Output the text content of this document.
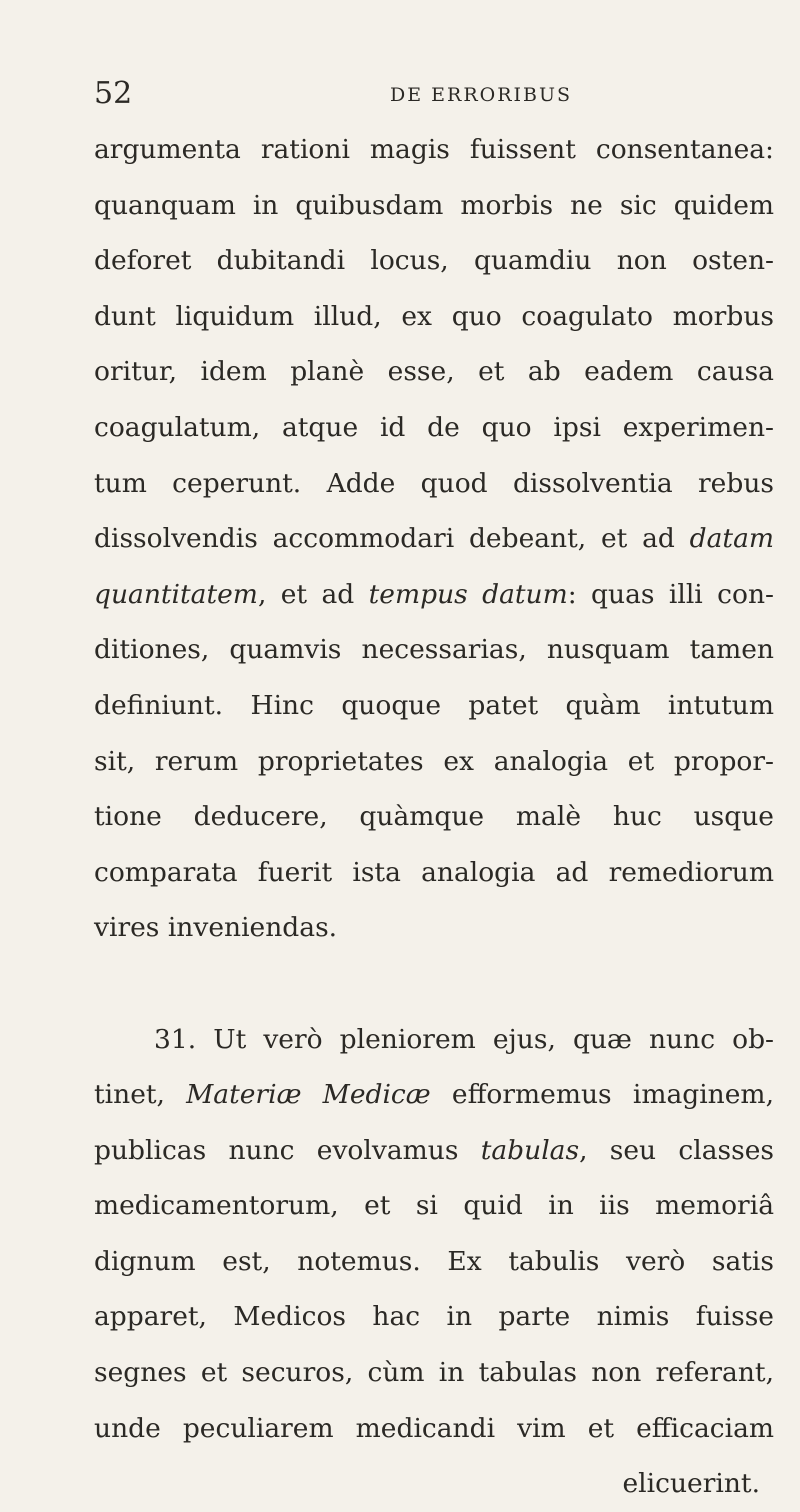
52	DE ERRORIBUS
argumenta rationi magis fuissent consentanea:
quanquam in quibusdam morbis ne sic quidem
deforet dubitandi locus, quamdiu non osten-
dunt liquidum illud, ex quo coagulato morbus
oritur, idem planè esse, et ab eadem causa
coagulatum, atque id de quo ipsi experimen-
tum ceperunt. Adde quod dissolventia rebus
dissolvendis accommodari debeant, et ad datam
quantitatem, et ad tempus datum: quas illi con-
ditiones, quamvis necessarias, nusquam tamen
definiunt. Hinc quoque patet quàm intutum
sit, rerum proprietates ex analogia et propor-
tione deducere, quàmque malè huc usque
comparata fuerit ista analogia ad remediorum
vires inveniendas.
31. Ut verò pleniorem ejus, quæ nunc ob-
tinet, Materiæ Medicæ efformemus imaginem,
publicas nunc evolvamus tabulas, seu classes
medicamentorum, et si quid in iis memoriâ
dignum est, notemus. Ex tabulis verò satis
apparet, Medicos hac in parte nimis fuisse
segnes et securos, cùm in tabulas non referant,
unde peculiarem medicandi vim et efficaciam
elicuerint.
